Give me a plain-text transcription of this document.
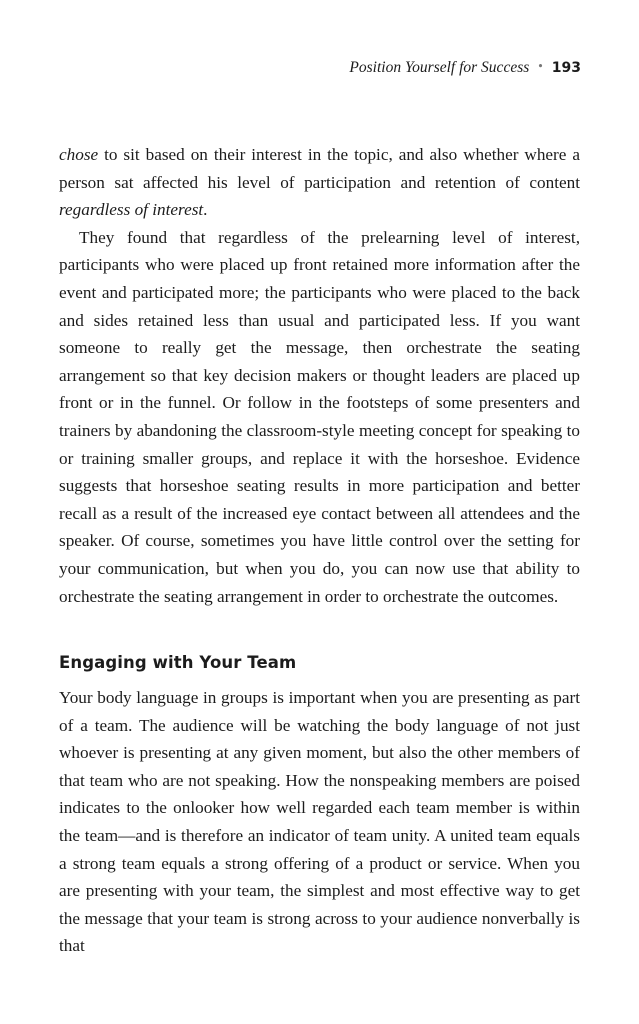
Position Yourself for Success • 193

chose to sit based on their interest in the topic, and also whether where a person sat affected his level of participation and retention of content regardless of interest.

They found that regardless of the prelearning level of interest, participants who were placed up front retained more information after the event and participated more; the participants who were placed to the back and sides retained less than usual and participated less. If you want someone to really get the message, then orchestrate the seating arrangement so that key decision makers or thought leaders are placed up front or in the funnel. Or follow in the footsteps of some presenters and trainers by abandoning the classroom-style meeting concept for speaking to or training smaller groups, and replace it with the horseshoe. Evidence suggests that horseshoe seating results in more participation and better recall as a result of the increased eye contact between all attendees and the speaker. Of course, sometimes you have little control over the setting for your communication, but when you do, you can now use that ability to orchestrate the seating arrangement in order to orchestrate the outcomes.

Engaging with Your Team

Your body language in groups is important when you are presenting as part of a team. The audience will be watching the body language of not just whoever is presenting at any given moment, but also the other members of that team who are not speaking. How the nonspeaking members are poised indicates to the onlooker how well regarded each team member is within the team—and is therefore an indicator of team unity. A united team equals a strong team equals a strong offering of a product or service. When you are presenting with your team, the simplest and most effective way to get the message that your team is strong across to your audience nonverbally is that
